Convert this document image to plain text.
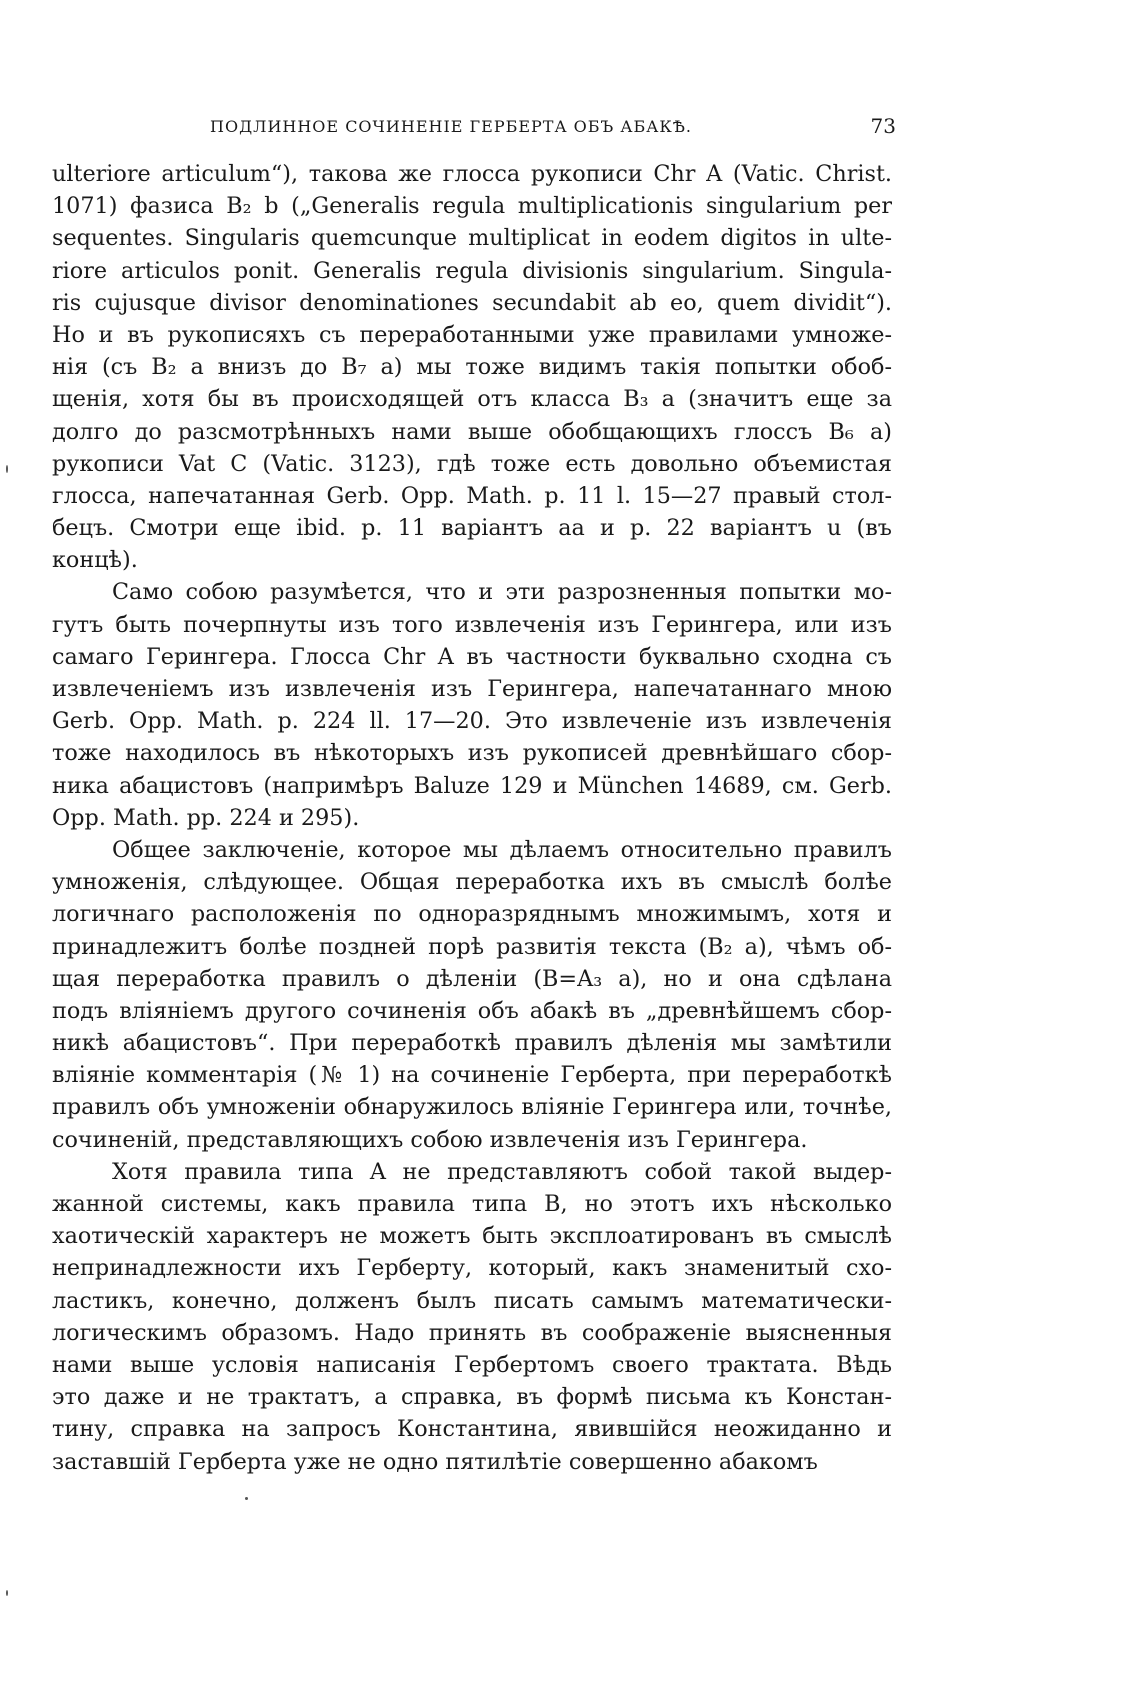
ПОДЛИННОЕ СОЧИНЕНIЕ ГЕРБЕРТА ОБЪ АБАКѢ.	73
ulteriore articulum“), такова же глосса рукописи Chr A (Vatic. Christ.
1071) фазиса B₂ b („Generalis regula multiplicationis singularium per
sequentes. Singularis quemcunque multiplicat in eodem digitos in ulte-
riore articulos ponit. Generalis regula divisionis singularium. Singula-
ris cujusque divisor denominationes secundabit ab eo, quem dividit“).
Но и въ рукописяхъ съ переработанными уже правилами умноже-
нiя (съ B₂ a внизъ до B₇ a) мы тоже видимъ такiя попытки обоб-
щенiя, хотя бы въ происходящей отъ класса B₃ a (значитъ еще за
долго до разсмотрѣнныхъ нами выше обобщающихъ глоссъ B₆ a)
рукописи Vat C (Vatic. 3123), гдѣ тоже есть довольно объемистая
глосса, напечатанная Gerb. Opp. Math. p. 11 l. 15—27 правый стол-
бецъ. Смотри еще ibid. p. 11 варiантъ aa и p. 22 варiантъ u (въ
концѣ).
Само собою разумѣется, что и эти разрозненныя попытки мо-
гутъ быть почерпнуты изъ того извлеченiя изъ Герингера, или изъ
самаго Герингера. Глосса Chr A въ частности буквально сходна съ
извлеченiемъ изъ извлеченiя изъ Герингера, напечатаннаго мною
Gerb. Opp. Math. p. 224 ll. 17—20. Это извлеченiе изъ извлеченiя
тоже находилось въ нѣкоторыхъ изъ рукописей древнѣйшаго сбор-
ника абацистовъ (напримѣръ Baluze 129 и München 14689, см. Gerb.
Opp. Math. pp. 224 и 295).
Общее заключенiе, которое мы дѣлаемъ относительно правилъ
умноженiя, слѣдующее. Общая переработка ихъ въ смыслѣ болѣе
логичнаго расположенiя по одноразряднымъ множимымъ, хотя и
принадлежитъ болѣе поздней порѣ развитiя текста (B₂ a), чѣмъ об-
щая переработка правилъ о дѣленiи (B=A₃ a), но и она сдѣлана
подъ влiянiемъ другого сочиненiя объ абакѣ въ „древнѣйшемъ сбор-
никѣ абацистовъ“. При переработкѣ правилъ дѣленiя мы замѣтили
влiянiе комментарiя (№ 1) на сочиненiе Герберта, при переработкѣ
правилъ объ умноженiи обнаружилось влiянiе Герингера или, точнѣе,
сочиненiй, представляющихъ собою извлеченiя изъ Герингера.
Хотя правила типа A не представляютъ собой такой выдер-
жанной системы, какъ правила типа B, но этотъ ихъ нѣсколько
хаотическiй характеръ не можетъ быть эксплоатированъ въ смыслѣ
непринадлежности ихъ Герберту, который, какъ знаменитый схо-
ластикъ, конечно, долженъ былъ писать самымъ математически-
логическимъ образомъ. Надо принять въ соображенiе выясненныя
нами выше условiя написанiя Гербертомъ своего трактата. Вѣдь
это даже и не трактатъ, а справка, въ формѣ письма къ Констан-
тину, справка на запросъ Константина, явившiйся неожиданно и
заставшiй Герберта уже не одно пятилѣтiе совершенно абакомъ
